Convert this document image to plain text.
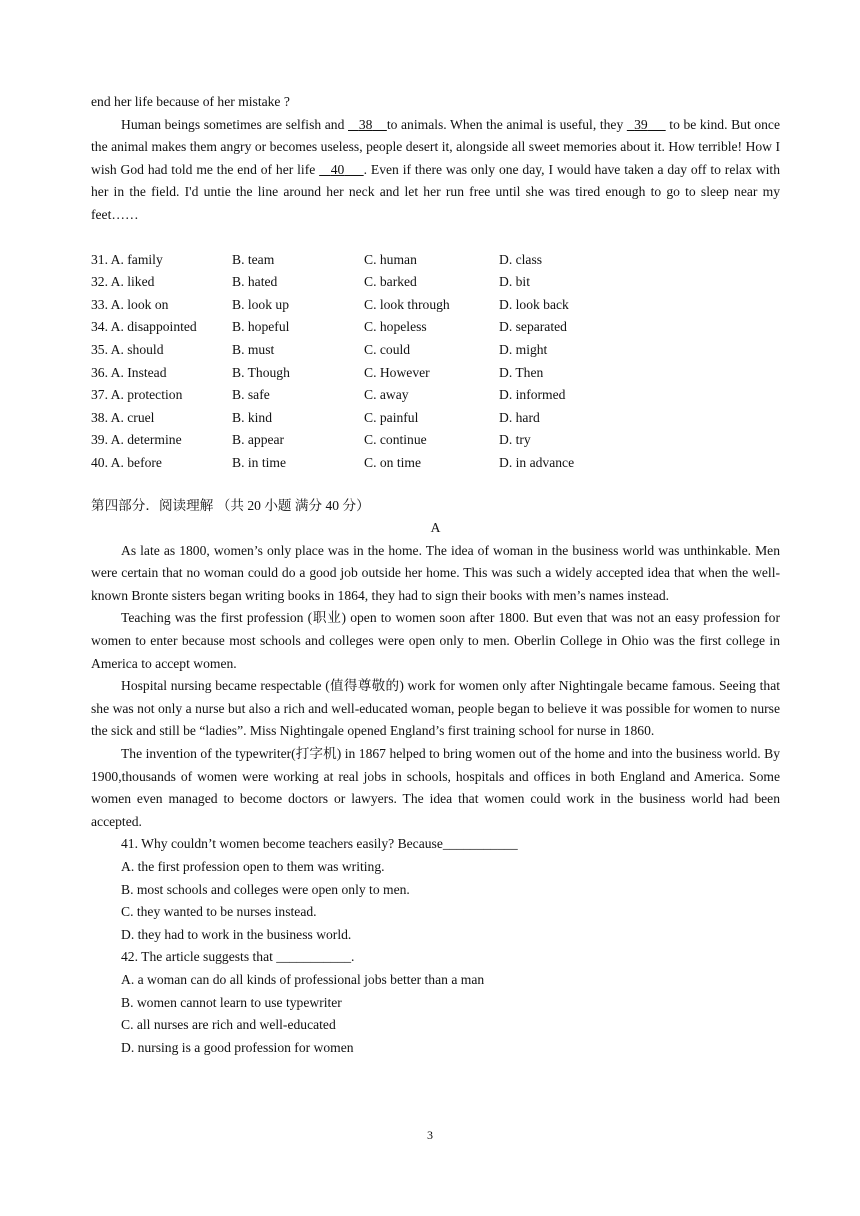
end her life because of her mistake ?

Human beings sometimes are selfish and    38 to animals. When the animal is useful, they   39 to be kind. But once the animal makes them angry or becomes useless, people desert it, alongside all sweet memories about it. How terrible! How I wish God had told me the end of her life    40 . Even if there was only one day, I would have taken a day off to relax with her in the field. I'd untie the line around her neck and let her run free until she was tired enough to go to sleep near my feet……

31. A. family	B. team	C. human	D. class
32. A. liked	B. hated	C. barked	D. bit
33. A. look on	B. look up	C. look through	D. look back
34. A. disappointed	B. hopeful	C. hopeless	D. separated
35. A. should	B. must	C. could	D. might
36. A. Instead	B. Though	C. However	D. Then
37. A. protection	B. safe	C. away	D. informed
38. A. cruel	B. kind	C. painful	D. hard
39. A. determine	B. appear	C. continue	D. try
40. A. before	B. in time	C. on time	D. in advance

第四部分．阅读理解 （共 20 小题 满分 40 分）

A

As late as 1800, women’s only place was in the home. The idea of woman in the business world was unthinkable. Men were certain that no woman could do a good job outside her home. This was such a widely accepted idea that when the well-known Bronte sisters began writing books in 1864, they had to sign their books with men’s names instead.

Teaching was the first profession (职业) open to women soon after 1800. But even that was not an easy profession for women to enter because most schools and colleges were open only to men. Oberlin College in Ohio was the first college in America to accept women.

Hospital nursing became respectable (值得尊敬的) work for women only after Nightingale became famous. Seeing that she was not only a nurse but also a rich and well-educated woman, people began to believe it was possible for women to nurse the sick and still be “ladies”. Miss Nightingale opened England’s first training school for nurse in 1860.

The invention of the typewriter(打字机) in 1867 helped to bring women out of the home and into the business world. By 1900,thousands of women were working at real jobs in schools, hospitals and offices in both England and America. Some women even managed to become doctors or lawyers. The idea that women could work in the business world had been accepted.

41. Why couldn’t women become teachers easily? Because___________

A. the first profession open to them was writing.

B. most schools and colleges were open only to men.

C. they wanted to be nurses instead.

D. they had to work in the business world.

42. The article suggests that ___________.

A. a woman can do all kinds of professional jobs better than a man

B. women cannot learn to use typewriter

C. all nurses are rich and well-educated

D. nursing is a good profession for women

3
